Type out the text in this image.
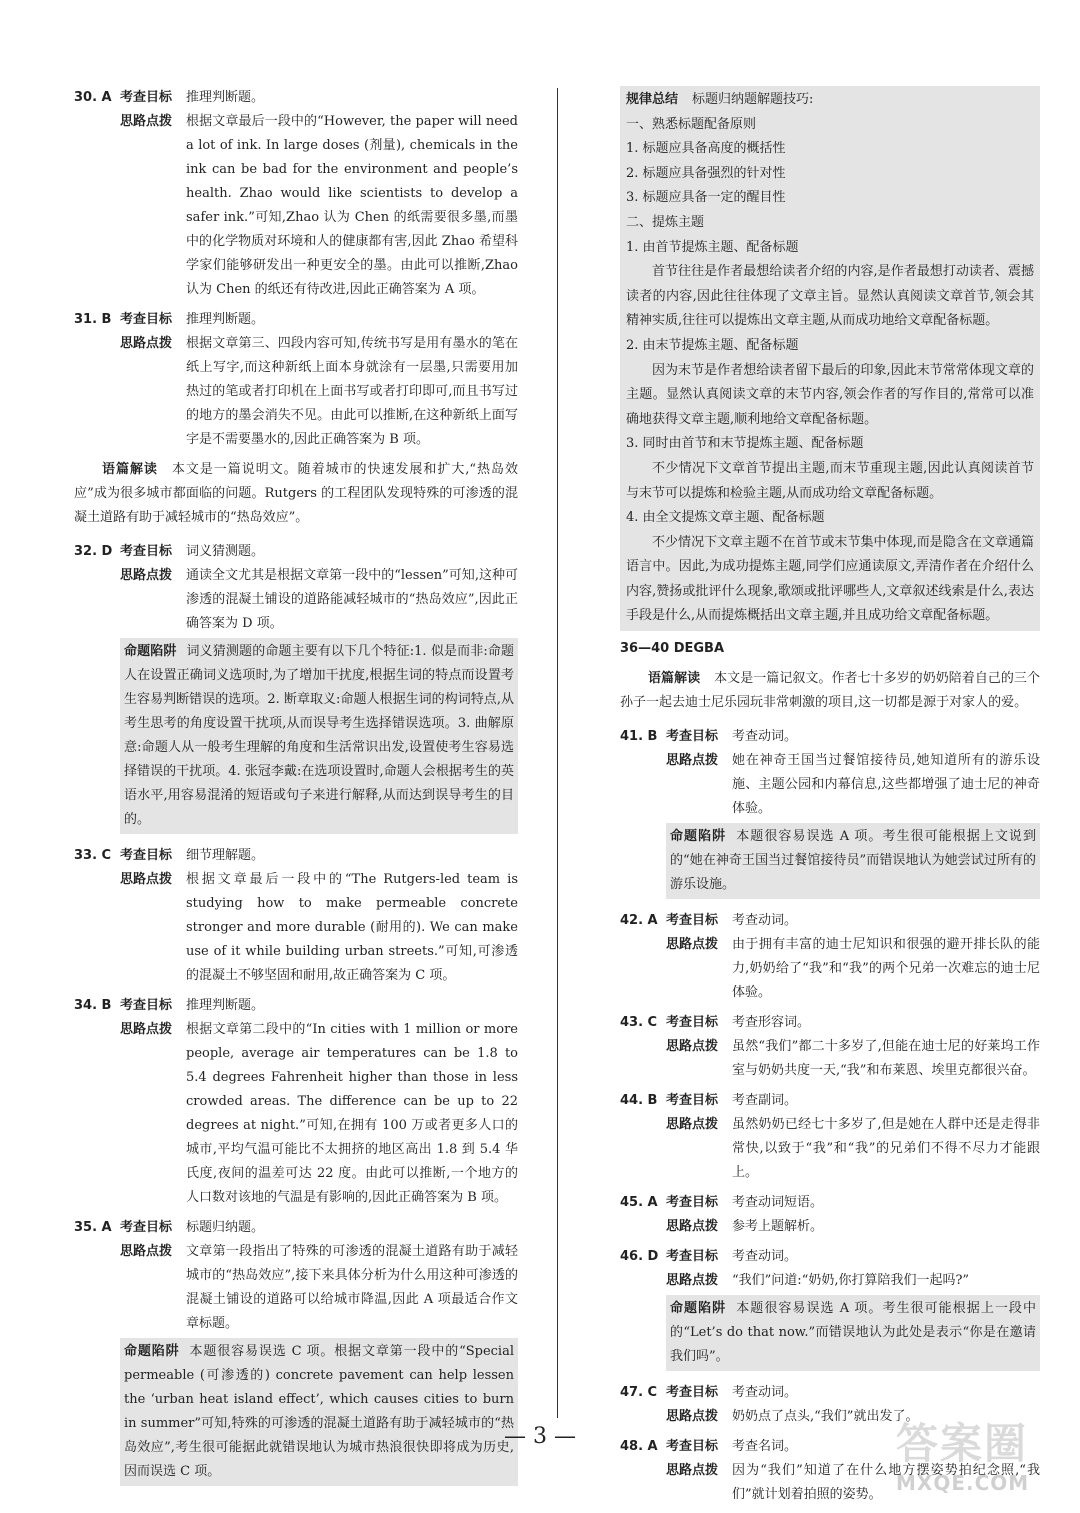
30. A 考查目标 推理判断题。
思路点拨 根据文章最后一段中的“However, the paper will need a lot of ink. In large doses (剂量), chemicals in the ink can be bad for the environment and people’s health. Zhao would like scientists to develop a safer ink.”可知,Zhao 认为 Chen 的纸需要很多墨,而墨中的化学物质对环境和人的健康都有害,因此 Zhao 希望科学家们能够研发出一种更安全的墨。由此可以推断,Zhao 认为 Chen 的纸还有待改进,因此正确答案为 A 项。
31. B 考查目标 推理判断题。
思路点拨 根据文章第三、四段内容可知,传统书写是用有墨水的笔在纸上写字,而这种新纸上面本身就涂有一层墨,只需要用加热过的笔或者打印机在上面书写或者打印即可,而且书写过的地方的墨会消失不见。由此可以推断,在这种新纸上面写字是不需要墨水的,因此正确答案为 B 项。
语篇解读 本文是一篇说明文。随着城市的快速发展和扩大,“热岛效应”成为很多城市都面临的问题。Rutgers 的工程团队发现特殊的可渗透的混凝土道路有助于减轻城市的“热岛效应”。
32. D 考查目标 词义猜测题。
思路点拨 通读全文尤其是根据文章第一段中的“lessen”可知,这种可渗透的混凝土铺设的道路能减轻城市的“热岛效应”,因此正确答案为 D 项。
命题陷阱 词义猜测题的命题主要有以下几个特征:1. 似是而非:命题人在设置正确词义选项时,为了增加干扰度,根据生词的特点而设置考生容易判断错误的选项。2. 断章取义:命题人根据生词的构词特点,从考生思考的角度设置干扰项,从而误导考生选择错误选项。3. 曲解原意:命题人从一般考生理解的角度和生活常识出发,设置使考生容易选择错误的干扰项。4. 张冠李戴:在选项设置时,命题人会根据考生的英语水平,用容易混淆的短语或句子来进行解释,从而达到误导考生的目的。
33. C 考查目标 细节理解题。
思路点拨 根据文章最后一段中的“The Rutgers-led team is studying how to make permeable concrete stronger and more durable (耐用的). We can make use of it while building urban streets.”可知,可渗透的混凝土不够坚固和耐用,故正确答案为 C 项。
34. B 考查目标 推理判断题。
思路点拨 根据文章第二段中的“In cities with 1 million or more people, average air temperatures can be 1.8 to 5.4 degrees Fahrenheit higher than those in less crowded areas. The difference can be up to 22 degrees at night.”可知,在拥有 100 万或者更多人口的城市,平均气温可能比不太拥挤的地区高出 1.8 到 5.4 华氏度,夜间的温差可达 22 度。由此可以推断,一个地方的人口数对该地的气温是有影响的,因此正确答案为 B 项。
35. A 考查目标 标题归纳题。
思路点拨 文章第一段指出了特殊的可渗透的混凝土道路有助于减轻城市的“热岛效应”,接下来具体分析为什么用这种可渗透的混凝土铺设的道路可以给城市降温,因此 A 项最适合作文章标题。
命题陷阱 本题很容易误选 C 项。根据文章第一段中的“Special permeable (可渗透的) concrete pavement can help lessen the ‘urban heat island effect’, which causes cities to burn in summer”可知,特殊的可渗透的混凝土道路有助于减轻城市的“热岛效应”,考生很可能据此就错误地认为城市热浪很快即将成为历史,因而误选 C 项。

规律总结 标题归纳题解题技巧:

一、熟悉标题配备原则

1. 标题应具备高度的概括性

2. 标题应具备强烈的针对性

3. 标题应具备一定的醒目性

二、提炼主题

1. 由首节提炼主题、配备标题

首节往往是作者最想给读者介绍的内容,是作者最想打动读者、震撼读者的内容,因此往往体现了文章主旨。显然认真阅读文章首节,领会其精神实质,往往可以提炼出文章主题,从而成功地给文章配备标题。

2. 由末节提炼主题、配备标题

因为末节是作者想给读者留下最后的印象,因此末节常常体现文章的主题。显然认真阅读文章的末节内容,领会作者的写作目的,常常可以准确地获得文章主题,顺利地给文章配备标题。

3. 同时由首节和末节提炼主题、配备标题

不少情况下文章首节提出主题,而末节重现主题,因此认真阅读首节与末节可以提炼和检验主题,从而成功给文章配备标题。

4. 由全文提炼文章主题、配备标题

不少情况下文章主题不在首节或末节集中体现,而是隐含在文章通篇语言中。因此,为成功提炼主题,同学们应通读原文,弄清作者在介绍什么内容,赞扬或批评什么现象,歌颂或批评哪些人,文章叙述线索是什么,表达手段是什么,从而提炼概括出文章主题,并且成功给文章配备标题。

36—40 DEGBA
语篇解读 本文是一篇记叙文。作者七十多岁的奶奶陪着自己的三个孙子一起去迪士尼乐园玩非常刺激的项目,这一切都是源于对家人的爱。
41. B 考查目标 考查动词。
思路点拨 她在神奇王国当过餐馆接待员,她知道所有的游乐设施、主题公园和内幕信息,这些都增强了迪士尼的神奇体验。
命题陷阱 本题很容易误选 A 项。考生很可能根据上文说到的“她在神奇王国当过餐馆接待员”而错误地认为她尝试过所有的游乐设施。
42. A 考查目标 考查动词。
思路点拨 由于拥有丰富的迪士尼知识和很强的避开排长队的能力,奶奶给了“我”和“我”的两个兄弟一次难忘的迪士尼体验。
43. C 考查目标 考查形容词。
思路点拨 虽然“我们”都二十多岁了,但能在迪士尼的好莱坞工作室与奶奶共度一天,“我”和布莱恩、埃里克都很兴奋。
44. B 考查目标 考查副词。
思路点拨 虽然奶奶已经七十多岁了,但是她在人群中还是走得非常快,以致于“我”和“我”的兄弟们不得不尽力才能跟上。
45. A 考查目标 考查动词短语。
思路点拨 参考上题解析。
46. D 考查目标 考查动词。
思路点拨 “我们”问道:“奶奶,你打算陪我们一起吗?”
命题陷阱 本题很容易误选 A 项。考生很可能根据上一段中的“Let’s do that now.”而错误地认为此处是表示“你是在邀请我们吗”。
47. C 考查目标 考查动词。
思路点拨 奶奶点了点头,“我们”就出发了。
48. A 考查目标 考查名词。
思路点拨 因为“我们”知道了在什么地方摆姿势拍纪念照,“我们”就计划着拍照的姿势。
— 3 —	答案圈
MXQE.COM
